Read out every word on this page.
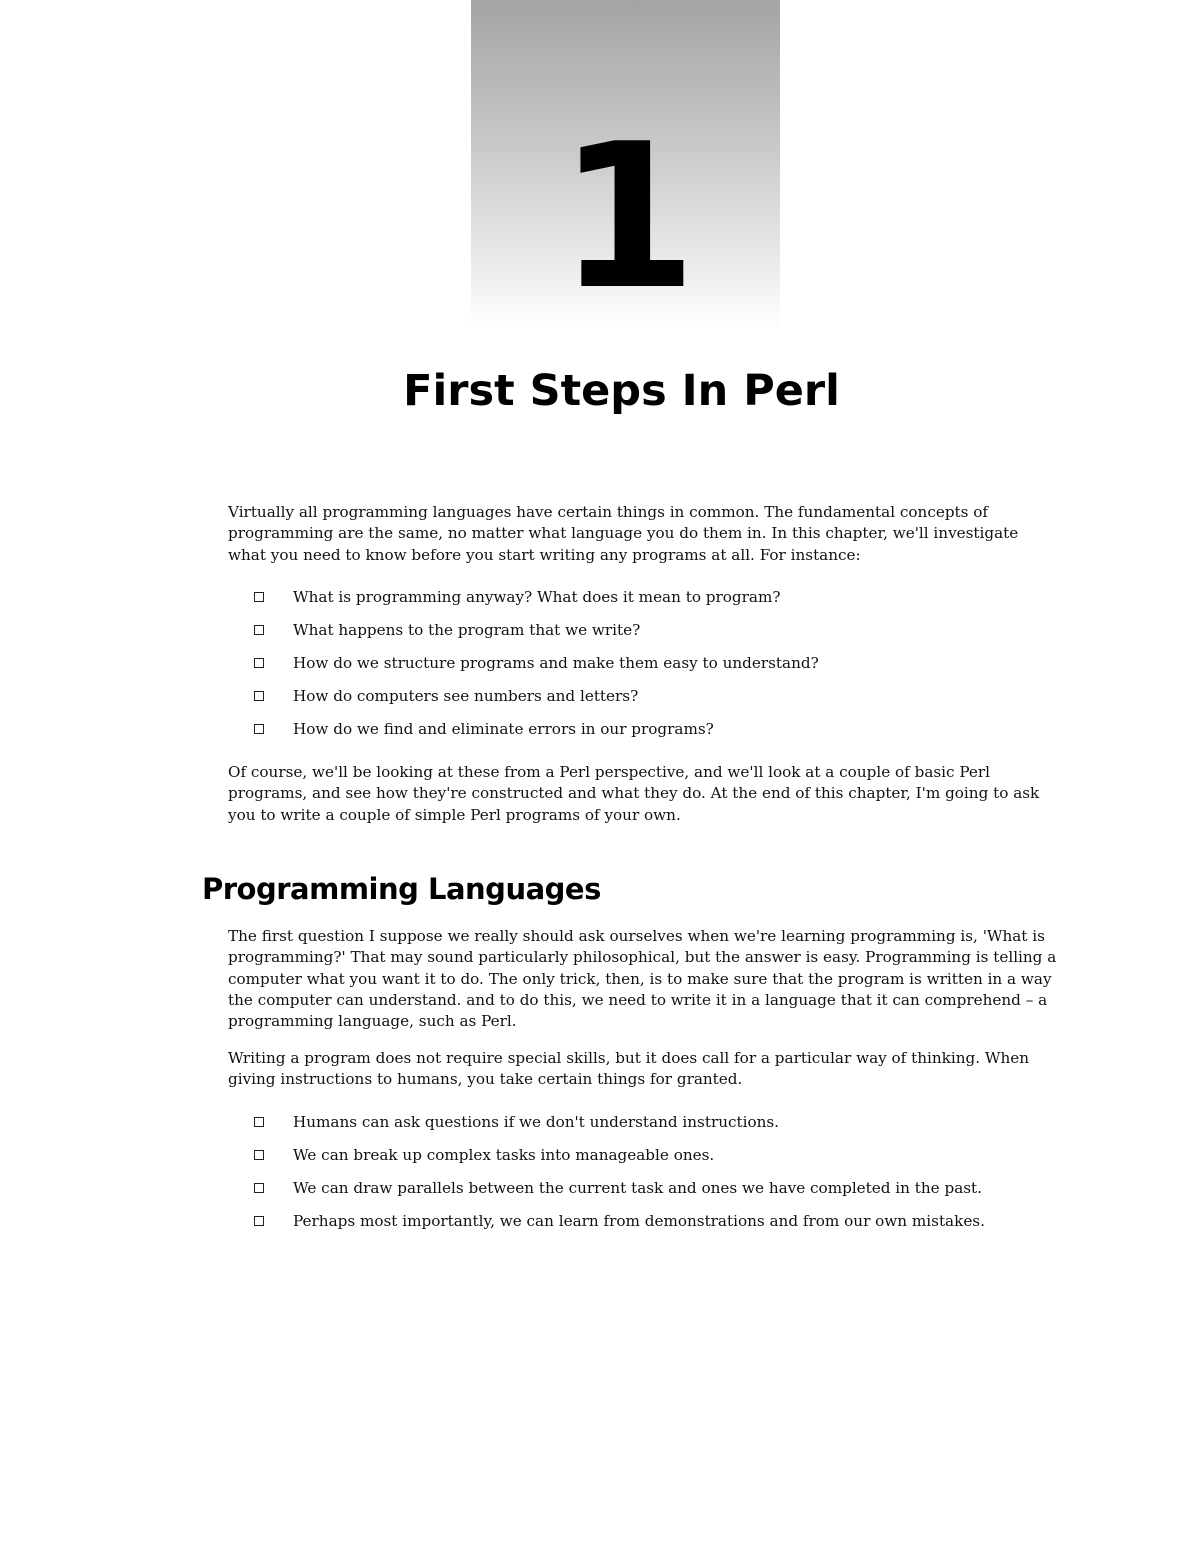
1
First Steps In Perl

Virtually all programming languages have certain things in common. The fundamental concepts of programming are the same, no matter what language you do them in. In this chapter, we'll investigate what you need to know before you start writing any programs at all. For instance:

What is programming anyway? What does it mean to program?
What happens to the program that we write?
How do we structure programs and make them easy to understand?
How do computers see numbers and letters?
How do we find and eliminate errors in our programs?

Of course, we'll be looking at these from a Perl perspective, and we'll look at a couple of basic Perl programs, and see how they're constructed and what they do. At the end of this chapter, I'm going to ask you to write a couple of simple Perl programs of your own.

Programming Languages

The first question I suppose we really should ask ourselves when we're learning programming is, 'What is programming?' That may sound particularly philosophical, but the answer is easy. Programming is telling a computer what you want it to do. The only trick, then, is to make sure that the program is written in a way the computer can understand. and to do this, we need to write it in a language that it can comprehend – a programming language, such as Perl.

Writing a program does not require special skills, but it does call for a particular way of thinking. When giving instructions to humans, you take certain things for granted.

Humans can ask questions if we don't understand instructions.
We can break up complex tasks into manageable ones.
We can draw parallels between the current task and ones we have completed in the past.
Perhaps most importantly, we can learn from demonstrations and from our own mistakes.
